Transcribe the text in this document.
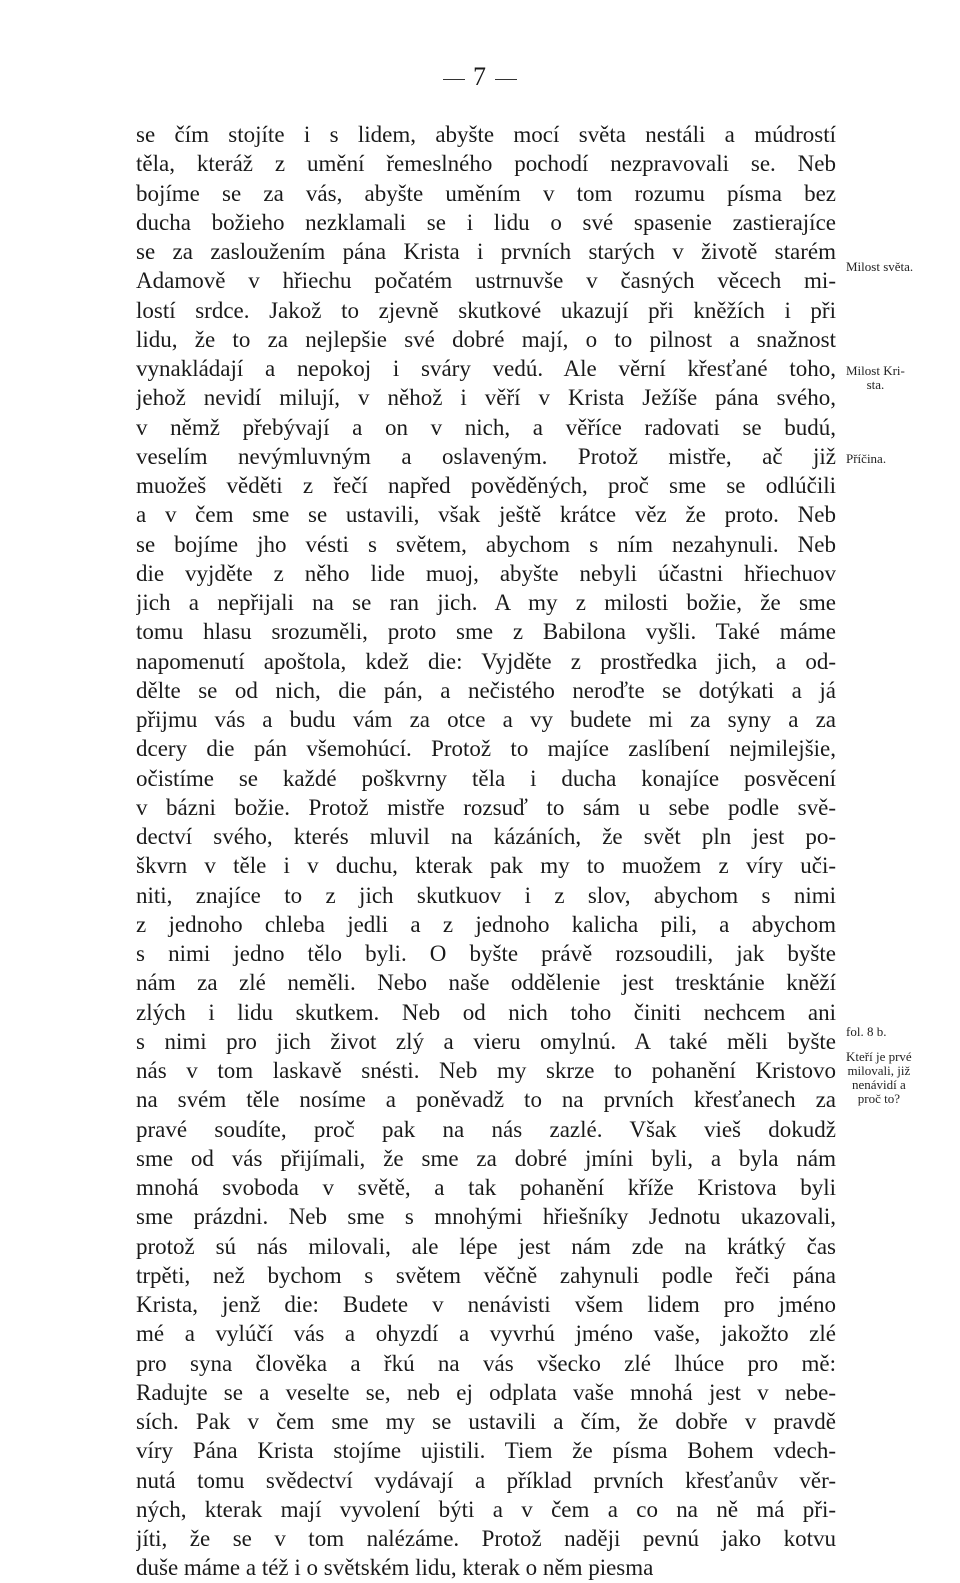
7
se čím stojíte i s lidem, abyšte mocí světa nestáli a múdrostí
těla, kteráž z umění řemeslného pochodí nezpravovali se. Neb
bojíme se za vás, abyšte uměním v tom rozumu písma bez
ducha božieho nezklamali se i lidu o své spasenie zastierajíce
se za zasloužením pána Krista i prvních starých v životě starém
Adamově v hřiechu počatém ustrnuvše v časných věcech mi-
lostí srdce. Jakož to zjevně skutkové ukazují při kněžích i při
lidu, že to za nejlepšie své dobré mají, o to pilnost a snažnost
vynakládají a nepokoj i sváry vedú. Ale věrní křesťané toho,
jehož nevidí milují, v něhož i věří v Krista Ježíše pána svého,
v němž přebývají a on v nich, a věříce radovati se budú,
veselím nevýmluvným a oslaveným. Protož mistře, ač již
muožeš věděti z řečí napřed pověděných, proč sme se odlúčili
a v čem sme se ustavili, však ještě krátce věz že proto. Neb
se bojíme jho vésti s světem, abychom s ním nezahynuli. Neb
die vyjděte z něho lide muoj, abyšte nebyli účastni hřiechuov
jich a nepřijali na se ran jich. A my z milosti božie, že sme
tomu hlasu srozuměli, proto sme z Babilona vyšli. Také máme
napomenutí apoštola, kdež die: Vyjděte z prostředka jich, a od-
dělte se od nich, die pán, a nečistého neroďte se dotýkati a já
přijmu vás a budu vám za otce a vy budete mi za syny a za
dcery die pán všemohúcí. Protož to majíce zaslíbení nejmilejšie,
očistíme se každé poškvrny těla i ducha konajíce posvěcení
v bázni božie. Protož mistře rozsuď to sám u sebe podle svě-
dectví svého, kterés mluvil na kázáních, že svět pln jest po-
škvrn v těle i v duchu, kterak pak my to muožem z víry uči-
niti, znajíce to z jich skutkuov i z slov, abychom s nimi
z jednoho chleba jedli a z jednoho kalicha pili, a abychom
s nimi jedno tělo byli. O byšte právě rozsoudili, jak byšte
nám za zlé neměli. Nebo naše oddělenie jest tresktánie kněží
zlých i lidu skutkem. Neb od nich toho činiti nechcem ani
s nimi pro jich život zlý a vieru omylnú. A také měli byšte
nás v tom laskavě snésti. Neb my skrze to pohanění Kristovo
na svém těle nosíme a poněvadž to na prvních křesťanech za
pravé soudíte, proč pak na nás zazlé. Však vieš dokudž
sme od vás přijímali, že sme za dobré jmíni byli, a byla nám
mnohá svoboda v světě, a tak pohanění kříže Kristova byli
sme prázdni. Neb sme s mnohými hřiešníky Jednotu ukazovali,
protož sú nás milovali, ale lépe jest nám zde na krátký čas
trpěti, než bychom s světem věčně zahynuli podle řeči pána
Krista, jenž die: Budete v nenávisti všem lidem pro jméno
mé a vylúčí vás a ohyzdí a vyvrhú jméno vaše, jakožto zlé
pro syna člověka a řkú na vás všecko zlé lhúce pro mě:
Radujte se a veselte se, neb ej odplata vaše mnohá jest v nebe-
sích. Pak v čem sme my se ustavili a čím, že dobře v pravdě
víry Pána Krista stojíme ujistili. Tiem že písma Bohem vdech-
nutá tomu svědectví vydávají a příklad prvních křesťanův věr-
ných, kterak mají vyvolení býti a v čem a co na ně má při-
jíti, že se v tom nalézáme. Protož naději pevnú jako kotvu
duše máme a též i o světském lidu, kterak o něm piesma
Milost světa.
Milost Kri-
sta.
Příčina.
fol. 8 b.
Kteří je prvé
milovali, již
nenávidí a
proč to?
